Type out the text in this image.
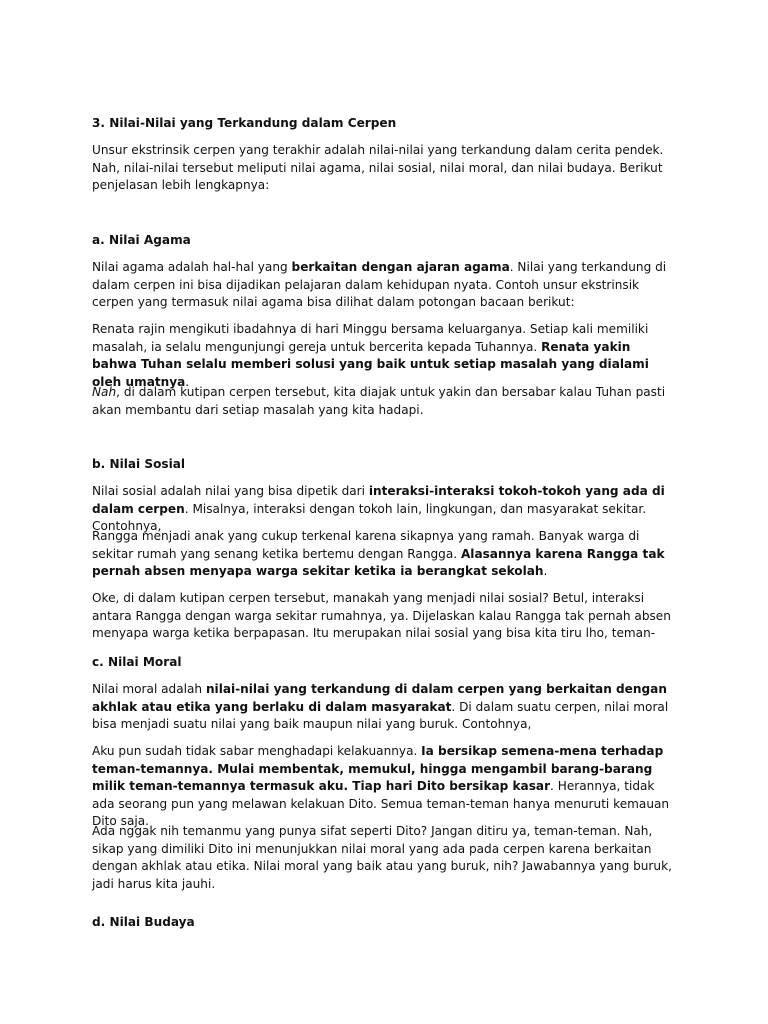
3. Nilai-Nilai yang Terkandung dalam Cerpen

Unsur ekstrinsik cerpen yang terakhir adalah nilai-nilai yang terkandung dalam cerita pendek. Nah, nilai-nilai tersebut meliputi nilai agama, nilai sosial, nilai moral, dan nilai budaya. Berikut penjelasan lebih lengkapnya:

a. Nilai Agama

Nilai agama adalah hal-hal yang berkaitan dengan ajaran agama. Nilai yang terkandung di dalam cerpen ini bisa dijadikan pelajaran dalam kehidupan nyata. Contoh unsur ekstrinsik cerpen yang termasuk nilai agama bisa dilihat dalam potongan bacaan berikut:

Renata rajin mengikuti ibadahnya di hari Minggu bersama keluarganya. Setiap kali memiliki masalah, ia selalu mengunjungi gereja untuk bercerita kepada Tuhannya. Renata yakin bahwa Tuhan selalu memberi solusi yang baik untuk setiap masalah yang dialami oleh umatnya.

Nah, di dalam kutipan cerpen tersebut, kita diajak untuk yakin dan bersabar kalau Tuhan pasti akan membantu dari setiap masalah yang kita hadapi.

b. Nilai Sosial

Nilai sosial adalah nilai yang bisa dipetik dari interaksi-interaksi tokoh-tokoh yang ada di dalam cerpen. Misalnya, interaksi dengan tokoh lain, lingkungan, dan masyarakat sekitar. Contohnya,

Rangga menjadi anak yang cukup terkenal karena sikapnya yang ramah. Banyak warga di sekitar rumah yang senang ketika bertemu dengan Rangga. Alasannya karena Rangga tak pernah absen menyapa warga sekitar ketika ia berangkat sekolah.

Oke, di dalam kutipan cerpen tersebut, manakah yang menjadi nilai sosial? Betul, interaksi antara Rangga dengan warga sekitar rumahnya, ya. Dijelaskan kalau Rangga tak pernah absen menyapa warga ketika berpapasan. Itu merupakan nilai sosial yang bisa kita tiru lho, teman-

c. Nilai Moral

Nilai moral adalah nilai-nilai yang terkandung di dalam cerpen yang berkaitan dengan akhlak atau etika yang berlaku di dalam masyarakat. Di dalam suatu cerpen, nilai moral bisa menjadi suatu nilai yang baik maupun nilai yang buruk. Contohnya,

Aku pun sudah tidak sabar menghadapi kelakuannya. Ia bersikap semena-mena terhadap teman-temannya. Mulai membentak, memukul, hingga mengambil barang-barang milik teman-temannya termasuk aku. Tiap hari Dito bersikap kasar. Herannya, tidak ada seorang pun yang melawan kelakuan Dito. Semua teman-teman hanya menuruti kemauan Dito saja.

Ada nggak nih temanmu yang punya sifat seperti Dito? Jangan ditiru ya, teman-teman. Nah, sikap yang dimiliki Dito ini menunjukkan nilai moral yang ada pada cerpen karena berkaitan dengan akhlak atau etika. Nilai moral yang baik atau yang buruk, nih? Jawabannya yang buruk, jadi harus kita jauhi.

d. Nilai Budaya
